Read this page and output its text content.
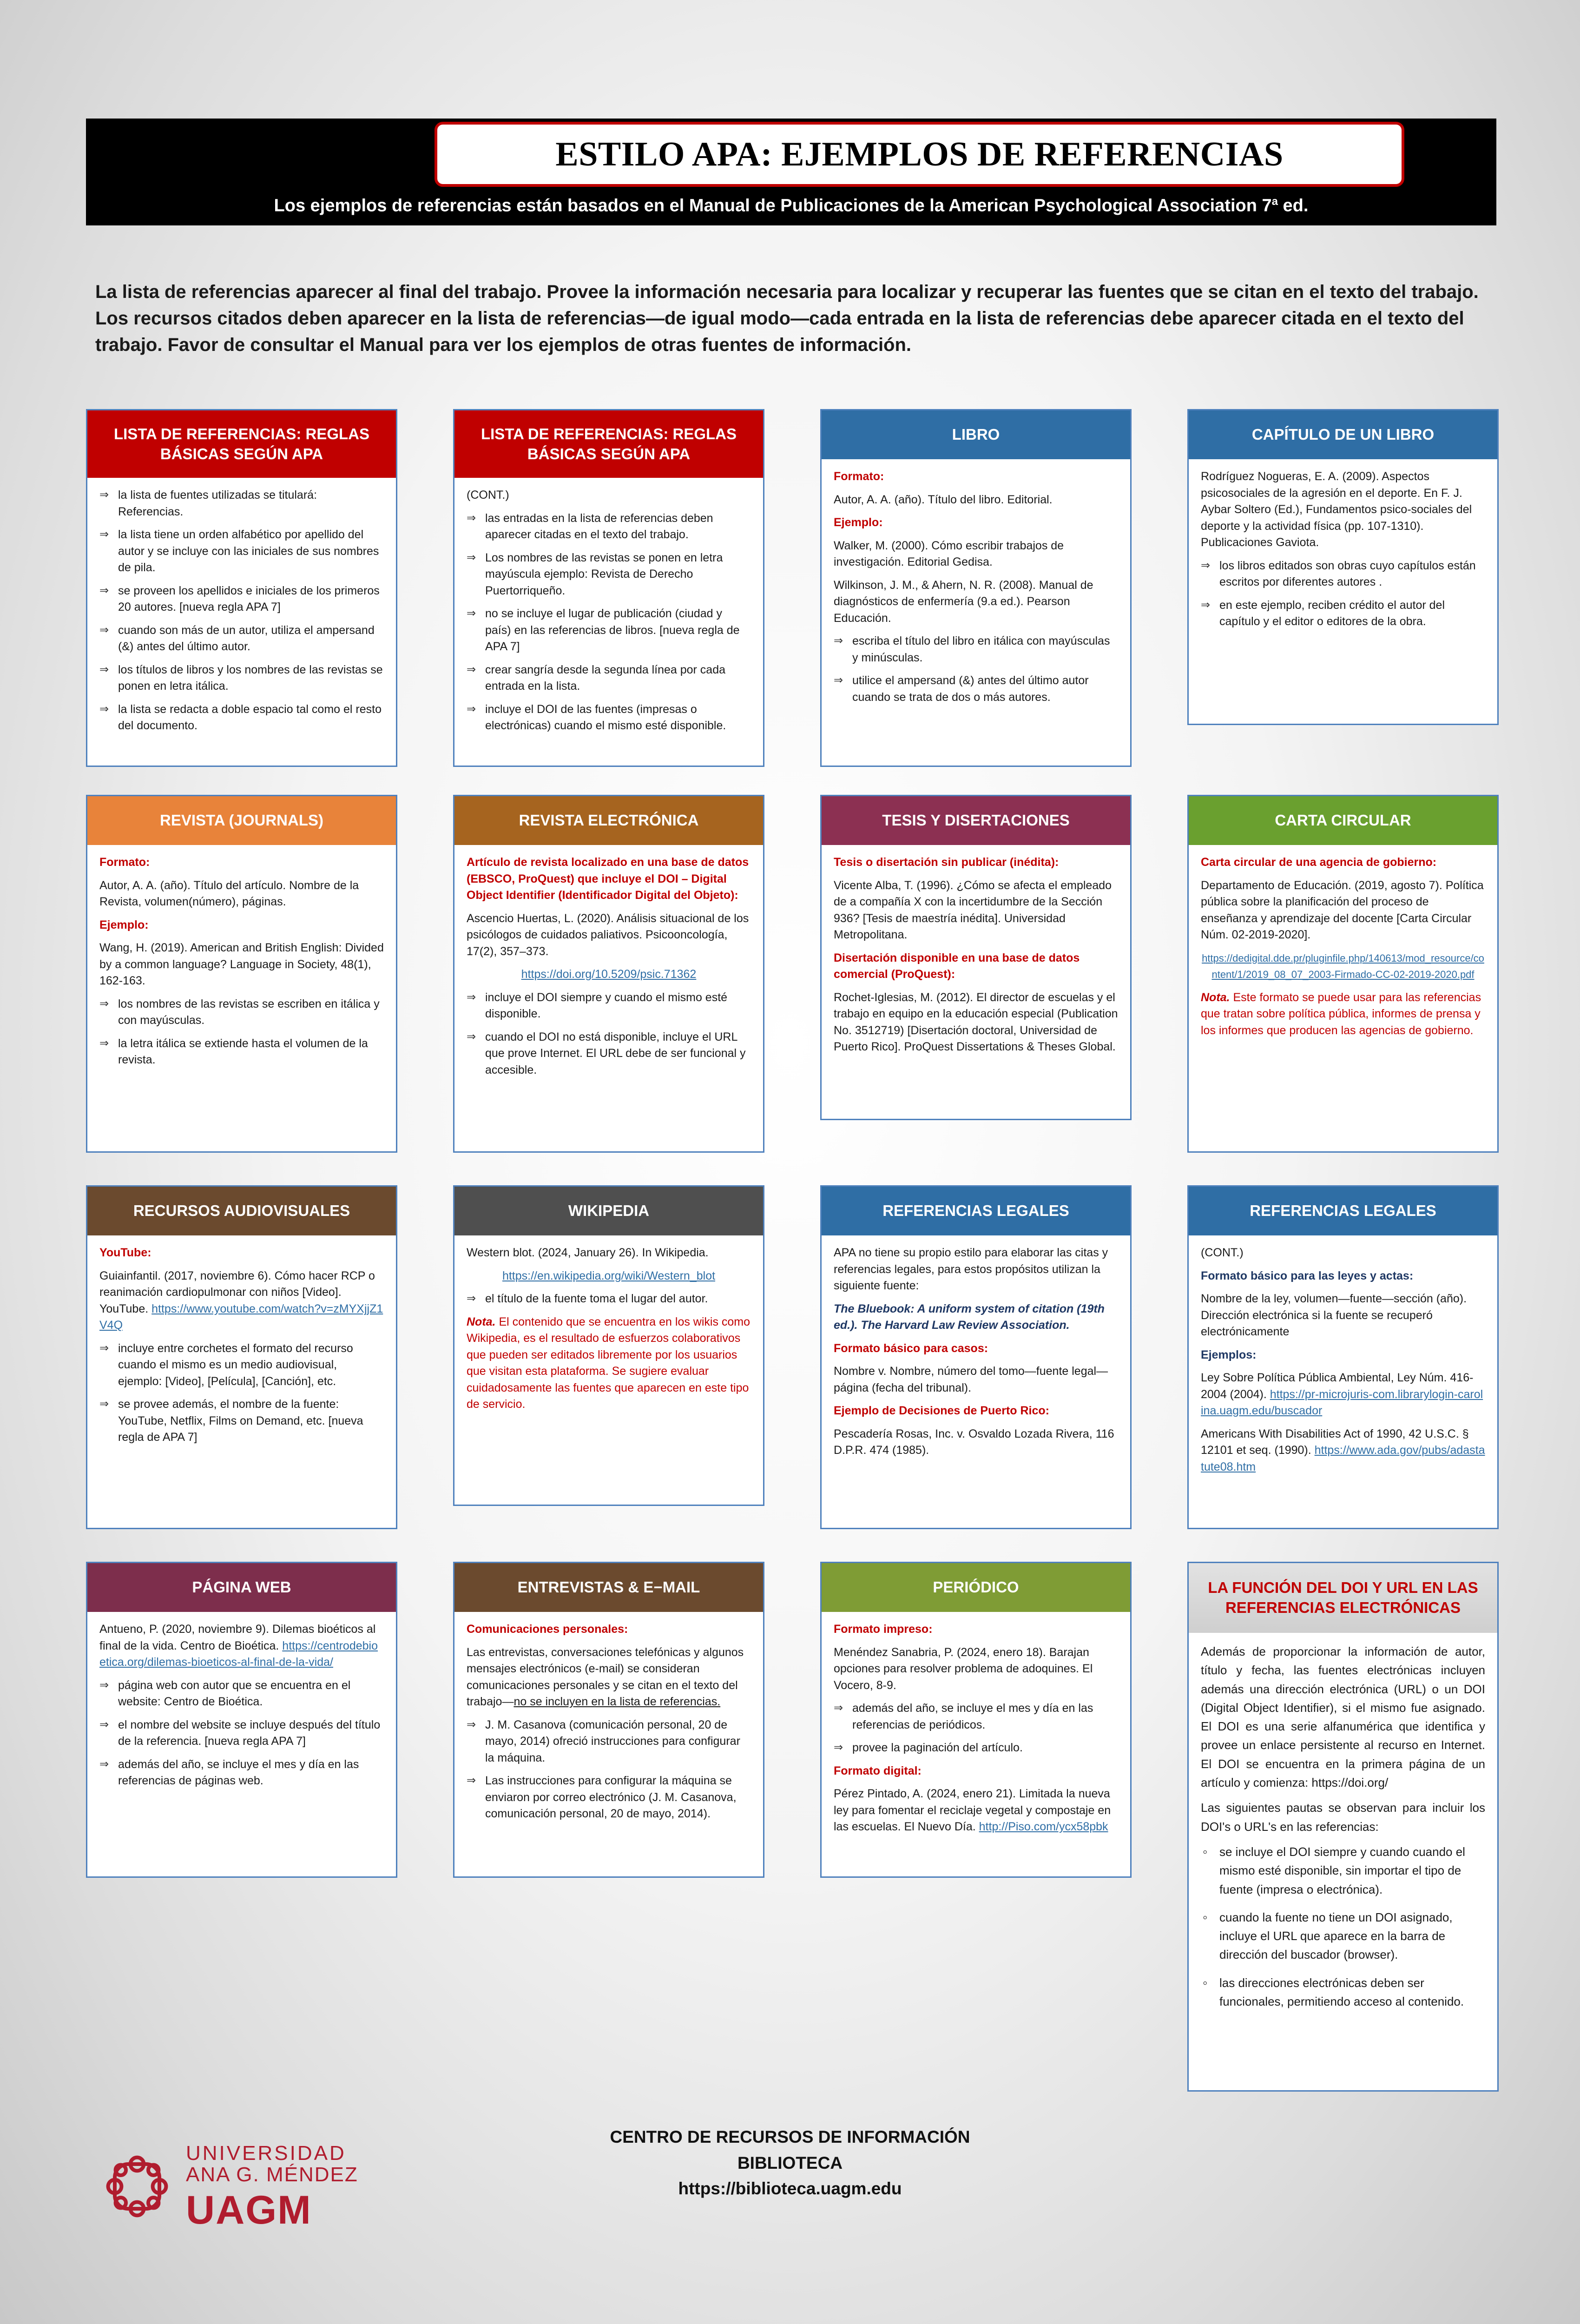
ESTILO APA: EJEMPLOS DE REFERENCIAS
Los ejemplos de referencias están basados en el Manual de Publicaciones de la American Psychological Association 7$^a$ ed.
La lista de referencias aparecer al final del trabajo. Provee la información necesaria para localizar y recuperar las fuentes que se citan en el texto del trabajo. Los recursos citados deben aparecer en la lista de referencias—de igual modo—cada entrada en la lista de referencias debe aparecer citada en el texto del trabajo. Favor de consultar el Manual para ver los ejemplos de otras fuentes de información.
LISTA DE REFERENCIAS: REGLAS BÁSICAS SEGÚN APA
⇒ la lista de fuentes utilizadas se titulará: Referencias.
⇒ la lista tiene un orden alfabético por apellido del autor y se incluye con las iniciales de sus nombres de pila.
⇒ se proveen los apellidos e iniciales de los primeros 20 autores. [nueva regla APA 7]
⇒ cuando son más de un autor, utiliza el ampersand (&) antes del último autor.
⇒ los títulos de libros y los nombres de las revistas se ponen en letra itálica.
⇒ la lista se redacta a doble espacio tal como el resto del documento.
LISTA DE REFERENCIAS: REGLAS BÁSICAS SEGÚN APA

(CONT.)

⇒ las entradas en la lista de referencias deben aparecer citadas en el texto del trabajo.
⇒ Los nombres de las revistas se ponen en letra mayúscula ejemplo: Revista de Derecho Puertorriqueño.
⇒ no se incluye el lugar de publicación (ciudad y país) en las referencias de libros. [nueva regla de APA 7]
⇒ crear sangría desde la segunda línea por cada entrada en la lista.
⇒ incluye el DOI de las fuentes (impresas o electrónicas) cuando el mismo esté disponible.
LIBRO

Formato:

Autor, A. A. (año). Título del libro. Editorial.

Ejemplo:

Walker, M. (2000). Cómo escribir trabajos de investigación. Editorial Gedisa.

Wilkinson, J. M., & Ahern, N. R. (2008). Manual de diagnósticos de enfermería (9.a ed.). Pearson Educación.

⇒ escriba el título del libro en itálica con mayúsculas y minúsculas.
⇒ utilice el ampersand (&) antes del último autor cuando se trata de dos o más autores.
CAPÍTULO DE UN LIBRO

Rodríguez Nogueras, E. A. (2009). Aspectos psicosociales de la agresión en el deporte. En F. J. Aybar Soltero (Ed.), Fundamentos psico-sociales del deporte y la actividad física (pp. 107-1310). Publicaciones Gaviota.

⇒ los libros editados son obras cuyo capítulos están escritos por diferentes autores .
⇒ en este ejemplo, reciben crédito el autor del capítulo y el editor o editores de la obra.
REVISTA (JOURNALS)

Formato:

Autor, A. A. (año). Título del artículo. Nombre de la Revista, volumen(número), páginas.

Ejemplo:

Wang, H. (2019). American and British English: Divided by a common language? Language in Society, 48(1), 162-163.

⇒ los nombres de las revistas se escriben en itálica y con mayúsculas.
⇒ la letra itálica se extiende hasta el volumen de la revista.
REVISTA ELECTRÓNICA

Artículo de revista localizado en una base de datos (EBSCO, ProQuest) que incluye el DOI – Digital Object Identifier (Identificador Digital del Objeto):

Ascencio Huertas, L. (2020). Análisis situacional de los psicólogos de cuidados paliativos. Psicooncología, 17(2), 357–373.

https://doi.org/10.5209/psic.71362

⇒ incluye el DOI siempre y cuando el mismo esté disponible.
⇒ cuando el DOI no está disponible, incluye el URL que prove Internet. El URL debe de ser funcional y accesible.
TESIS Y DISERTACIONES

Tesis o disertación sin publicar (inédita):

Vicente Alba, T. (1996). ¿Cómo se afecta el empleado de a compañía X con la incertidumbre de la Sección 936? [Tesis de maestría inédita]. Universidad Metropolitana.

Disertación disponible en una base de datos comercial (ProQuest):

Rochet-Iglesias, M. (2012). El director de escuelas y el trabajo en equipo en la educación especial (Publication No. 3512719) [Disertación doctoral, Universidad de Puerto Rico]. ProQuest Dissertations & Theses Global.

CARTA CIRCULAR

Carta circular de una agencia de gobierno:

Departamento de Educación. (2019, agosto 7). Política pública sobre la planificación del proceso de enseñanza y aprendizaje del docente [Carta Circular Núm. 02-2019-2020].

https://dedigital.dde.pr/pluginfile.php/140613/mod_resource/content/1/2019_08_07_2003-Firmado-CC-02-2019-2020.pdf

Nota. Este formato se puede usar para las referencias que tratan sobre política pública, informes de prensa y los informes que producen las agencias de gobierno.

RECURSOS AUDIOVISUALES

YouTube:

Guiainfantil. (2017, noviembre 6). Cómo hacer RCP o reanimación cardiopulmonar con niños [Video]. YouTube. https://www.youtube.com/watch?v=zMYXjjZ1V4Q

⇒ incluye entre corchetes el formato del recurso cuando el mismo es un medio audiovisual, ejemplo: [Video], [Película], [Canción], etc.
⇒ se provee además, el nombre de la fuente: YouTube, Netflix, Films on Demand, etc. [nueva regla de APA 7]
WIKIPEDIA

Western blot. (2024, January 26). In Wikipedia.

https://en.wikipedia.org/wiki/Western_blot

⇒ el título de la fuente toma el lugar del autor.

Nota. El contenido que se encuentra en los wikis como Wikipedia, es el resultado de esfuerzos colaborativos que pueden ser editados libremente por los usuarios que visitan esta plataforma. Se sugiere evaluar cuidadosamente las fuentes que aparecen en este tipo de servicio.

REFERENCIAS LEGALES

APA no tiene su propio estilo para elaborar las citas y referencias legales, para estos propósitos utilizan la siguiente fuente:

The Bluebook: A uniform system of citation (19th ed.). The Harvard Law Review Association.

Formato básico para casos:

Nombre v. Nombre, número del tomo—fuente legal—página (fecha del tribunal).

Ejemplo de Decisiones de Puerto Rico:

Pescadería Rosas, Inc. v. Osvaldo Lozada Rivera, 116 D.P.R. 474 (1985).

REFERENCIAS LEGALES

(CONT.)

Formato básico para las leyes y actas:

Nombre de la ley, volumen—fuente—sección (año). Dirección electrónica si la fuente se recuperó electrónicamente

Ejemplos:

Ley Sobre Política Pública Ambiental, Ley Núm. 416-2004 (2004). https://pr-microjuris-com.librarylogin-carolina.uagm.edu/buscador

Americans With Disabilities Act of 1990, 42 U.S.C. § 12101 et seq. (1990). https://www.ada.gov/pubs/adastatute08.htm

PÁGINA WEB

Antueno, P. (2020, noviembre 9). Dilemas bioéticos al final de la vida. Centro de Bioética. https://centrodebioetica.org/dilemas-bioeticos-al-final-de-la-vida/

⇒ página web con autor que se encuentra en el website: Centro de Bioética.
⇒ el nombre del website se incluye después del título de la referencia. [nueva regla APA 7]
⇒ además del año, se incluye el mes y día en las referencias de páginas web.
ENTREVISTAS & E−MAIL

Comunicaciones personales:

Las entrevistas, conversaciones telefónicas y algunos mensajes electrónicos (e-mail) se consideran comunicaciones personales y se citan en el texto del trabajo—no se incluyen en la lista de referencias.

⇒ J. M. Casanova (comunicación personal, 20 de mayo, 2014) ofreció instrucciones para configurar la máquina.
⇒ Las instrucciones para configurar la máquina se enviaron por correo electrónico (J. M. Casanova, comunicación personal, 20 de mayo, 2014).
PERIÓDICO

Formato impreso:

Menéndez Sanabria, P. (2024, enero 18). Barajan opciones para resolver problema de adoquines. El Vocero, 8-9.

⇒ además del año, se incluye el mes y día en las referencias de periódicos.
⇒ provee la paginación del artículo.

Formato digital:

Pérez Pintado, A. (2024, enero 21). Limitada la nueva ley para fomentar el reciclaje vegetal y compostaje en las escuelas. El Nuevo Día. http://Piso.com/ycx58pbk

LA FUNCIÓN DEL DOI Y URL EN LAS REFERENCIAS ELECTRÓNICAS

Además de proporcionar la información de autor, título y fecha, las fuentes electrónicas incluyen además una dirección electrónica (URL) o un DOI (Digital Object Identifier), si el mismo fue asignado. El DOI es una serie alfanumérica que identifica y provee un enlace persistente al recurso en Internet. El DOI se encuentra en la primera página de un artículo y comienza: https://doi.org/

Las siguientes pautas se observan para incluir los DOI's o URL's en las referencias:

◦ se incluye el DOI siempre y cuando cuando el mismo esté disponible, sin importar el tipo de fuente (impresa o electrónica).
◦ cuando la fuente no tiene un DOI asignado, incluye el URL que aparece en la barra de dirección del buscador (browser).
◦ las direcciones electrónicas deben ser funcionales, permitiendo acceso al contenido.
CENTRO DE RECURSOS DE INFORMACIÓN
BIBLIOTECA
https://biblioteca.uagm.edu
UNIVERSIDAD
ANA G. MÉNDEZ
UAGM
